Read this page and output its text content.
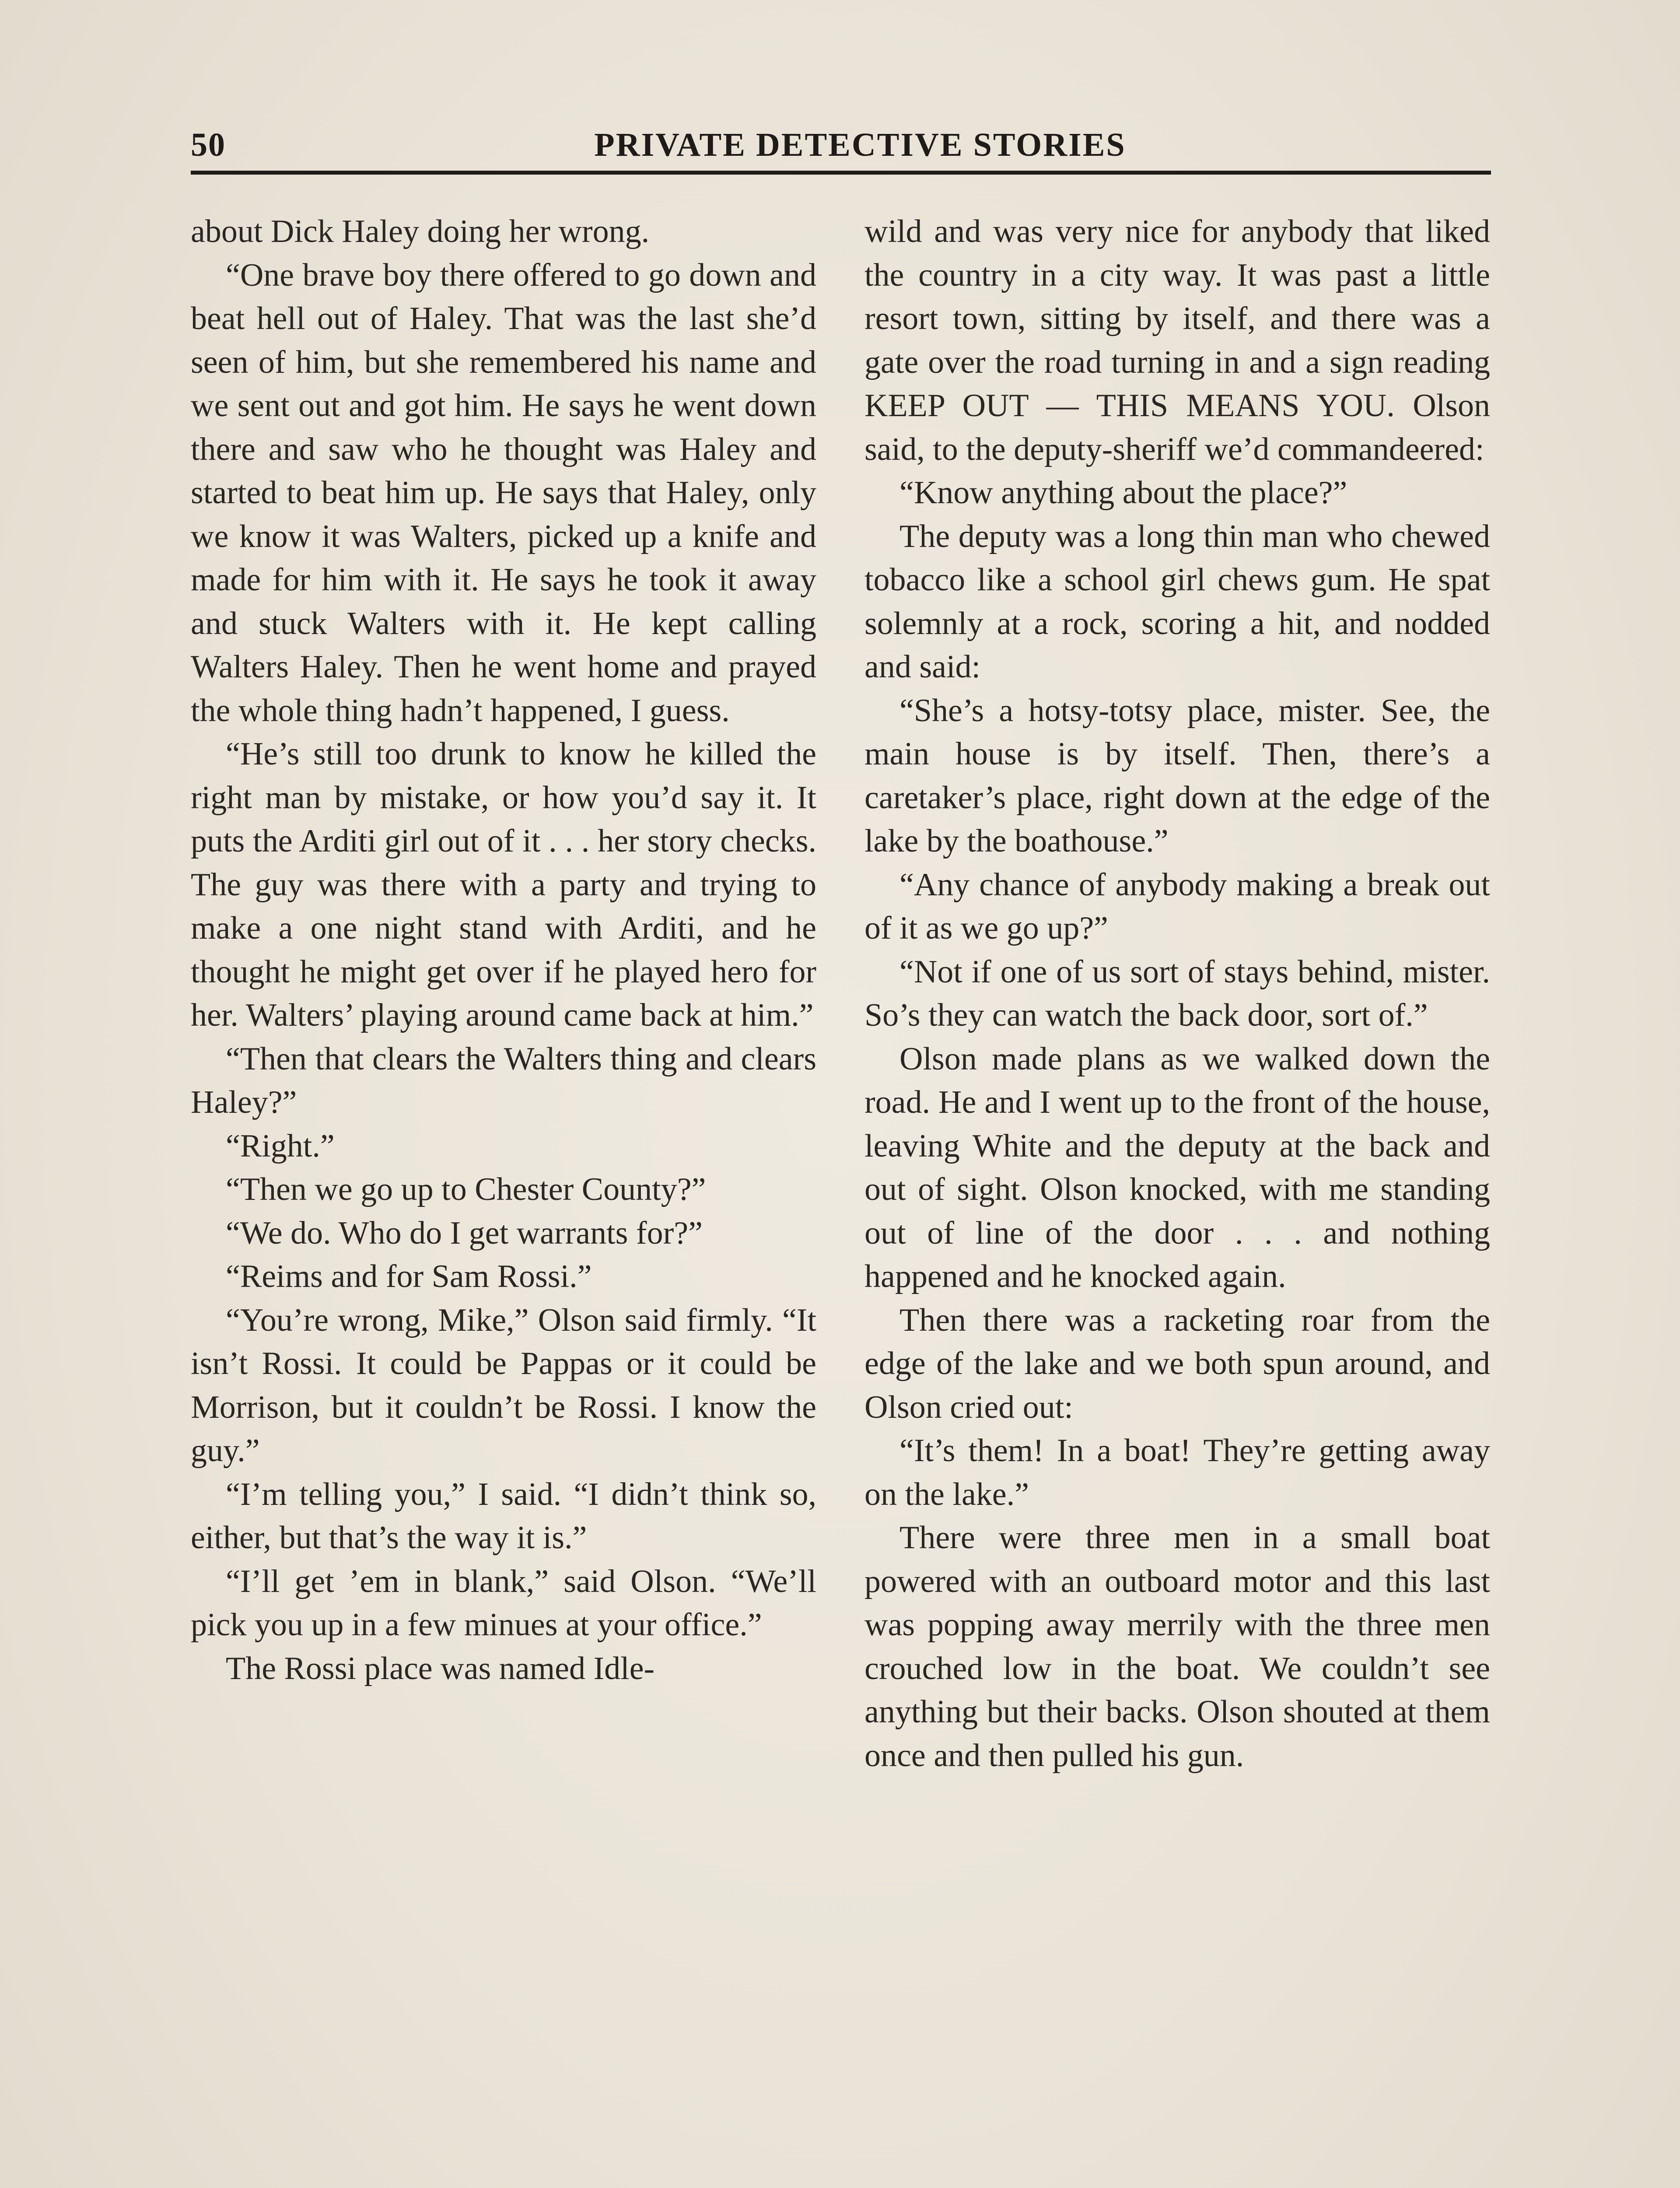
50	PRIVATE DETECTIVE STORIES

about Dick Haley doing her wrong.

“One brave boy there offered to go down and beat hell out of Haley. That was the last she’d seen of him, but she remembered his name and we sent out and got him. He says he went down there and saw who he thought was Haley and started to beat him up. He says that Haley, only we know it was Walters, picked up a knife and made for him with it. He says he took it away and stuck Walters with it. He kept calling Walters Haley. Then he went home and prayed the whole thing hadn’t happened, I guess.

“He’s still too drunk to know he killed the right man by mistake, or how you’d say it. It puts the Arditi girl out of it . . . her story checks. The guy was there with a party and trying to make a one night stand with Arditi, and he thought he might get over if he played hero for her. Walters’ playing around came back at him.”

“Then that clears the Walters thing and clears Haley?”

“Right.”

“Then we go up to Chester County?”

“We do. Who do I get warrants for?”

“Reims and for Sam Rossi.”

“You’re wrong, Mike,” Olson said firmly. “It isn’t Rossi. It could be Pappas or it could be Morrison, but it couldn’t be Rossi. I know the guy.”

“I’m telling you,” I said. “I didn’t think so, either, but that’s the way it is.”

“I’ll get ’em in blank,” said Olson. “We’ll pick you up in a few minues at your office.”

The Rossi place was named Idle-

wild and was very nice for anybody that liked the country in a city way. It was past a little resort town, sitting by itself, and there was a gate over the road turning in and a sign reading KEEP OUT — THIS MEANS YOU. Olson said, to the deputy-sheriff we’d commandeered:

“Know anything about the place?”

The deputy was a long thin man who chewed tobacco like a school girl chews gum. He spat solemnly at a rock, scoring a hit, and nodded and said:

“She’s a hotsy-totsy place, mister. See, the main house is by itself. Then, there’s a caretaker’s place, right down at the edge of the lake by the boathouse.”

“Any chance of anybody making a break out of it as we go up?”

“Not if one of us sort of stays behind, mister. So’s they can watch the back door, sort of.”

Olson made plans as we walked down the road. He and I went up to the front of the house, leaving White and the deputy at the back and out of sight. Olson knocked, with me standing out of line of the door . . . and nothing happened and he knocked again.

Then there was a racketing roar from the edge of the lake and we both spun around, and Olson cried out:

“It’s them! In a boat! They’re getting away on the lake.”

There were three men in a small boat powered with an outboard motor and this last was popping away merrily with the three men crouched low in the boat. We couldn’t see anything but their backs. Olson shouted at them once and then pulled his gun.
